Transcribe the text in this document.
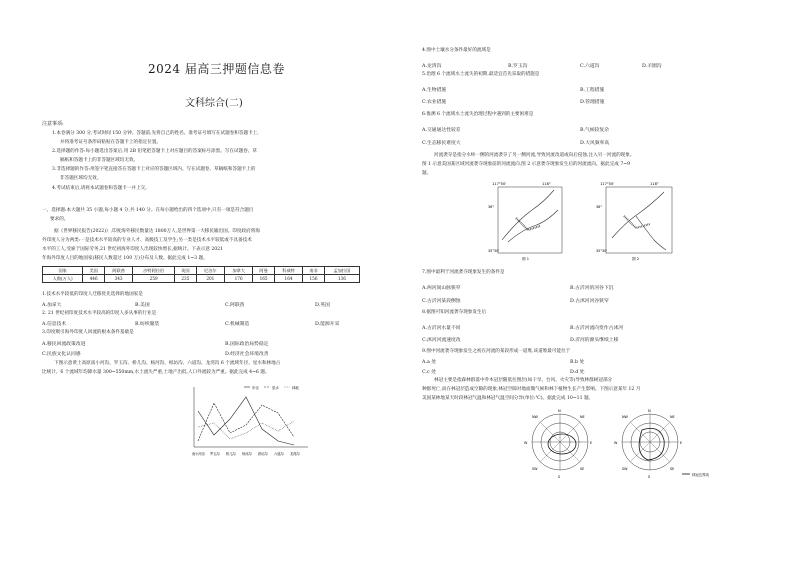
2024 届高三押题信息卷
文科综合(二)
注意事项:
1.本卷满分 300 分,考试时间 150 分钟。答题前,先将自己的姓名、准考证号填写在试题卷和答题卡上,
并将准考证号条形码粘贴在答题卡上的指定位置。
2.选择题的作答:每小题选出答案后,用 2B 铅笔把答题卡上对应题目的答案标号涂黑。写在试题卷、草
稿纸和答题卡上的非答题区域均无效。
3.非选择题的作答:用签字笔直接答在答题卡上对应的答题区域内。写在试题卷、草稿纸和答题卡上的
非答题区域均无效。
4.考试结束后,请将本试题卷和答题卡一并上交。
一、选择题:本大题共 35 小题,每小题 4 分,共 140 分。在每小题给出的四个选项中,只有一项是符合题目
要求的。
据《世界移民报告(2022)》,印度海外移民数量达 1800万人,是世界第一大移民输出国。印度政府将海
外印度人分为两类:一是技术水平较高的专业人才、高级技工及学生;另一类是技术水平较低或不具备技术
水平的工人,受雇于国际劳务,21 世纪初海外印度人出现较快增长,据统计。下表示意 2021
年海外印度人目的地国家(移民人数超过 100 万)分布及人数。据此完成 1~3 题。
国家	美国	阿联酋	沙特阿拉伯	英国	尼泊尔	加拿大	阿曼	科威特	南非	孟加拉国
人数(万人)	446	343	259	235	201	176	165	164	156	136
1.技术水平较低的印度人迁移优先选择的地国家是
A.加拿大	B.美国	C.阿联酋	D.英国
2. 21 世纪初印度技术水平较高的印度人多从事的行业是
A.信息技术	B.纺织服装	C.机械制造	D.能源开采
3.印度吸引海外印度人回流的根本条件基础是
A.移民回流政策改进	B.国际政治局势稳定
C.民族文化认同感	D.经济社会环境改善
下图示意黄土高原南小河沟、罗玉沟、桥儿沟、杨河沟、纸坊沟、六道沟、龙湾沟 6 个流域年径、星水和林地占
比统计。6 个流域年均降水量 300~550mm,水土流失严重,土地产出低,人口外流较为严重。据此完成 4~6 题。
年径	星水	林地
南小河沟 罗玉沟 桥儿沟 杨河沟 纸坊沟 六道沟 龙湾沟
4.图中土壤水分条件最好的流域是
A.龙湾沟	B.罗玉沟	C.六道沟	D.羊圈沟
5.治理 6 个流域水土流失的初期,最适宜首先采取的措施是
A.生物措施	B.工程措施
C.农业措施	D.管理措施
6.推测 6 个流域水土流失治理过程中遇到的主要困难是
A.交通通达性较差	B.气候较复杂
C.生态移民难度大	D.大风频率高
河流袭夺是指分水岭一侧的河流袭夺了另一侧河流,导致河流改道或向后侵蚀,注入另一河流的现象。
图 1 示意美国某区域河流袭夺现象前的河流流向,图 2 示意袭夺现象发生后的河流流向。据此完成 7~9
题。
117°50'	118°
36°
35°30'
图 1
117°50'	118°
36°
35°30'
图 2
7.图中最利于河流袭夺现象发生的条件是
A.两河间山脉狭窄	B.古沂河的河谷下沉
C.古沂河某段侧蚀	D.古沭河河谷狭窄
8.据图可知河流袭夺现象发生后
A.古沂河水量不同	B.古沂河流向变作古沭河
C.沭河河流速度改	D.沂河的源头继续上移
9.图中河流袭夺现象发生之初在河流的某段形成一道堆,该道堆最可能位于
A.a 处	B.b 处
C.c 处	D.d 处
林冠主要是指森林群落中乔木冠层随低往图层(如干旱、台风、火灾等)导致林群树冠部分
种群死亡,而在林冠层造成空隙的现象,林冠空隙对地面微气候和林下植物生长产生影响。下图示意某年 12 月
美国某林地某天时段林冠气温和林冠气温空间分异(单位:℃)。据此完成 10~11 题。
N
NE
E
SE
S
SW
W
NW
N
NE
E
SE
S
SW
W
NW
林冠边界线
